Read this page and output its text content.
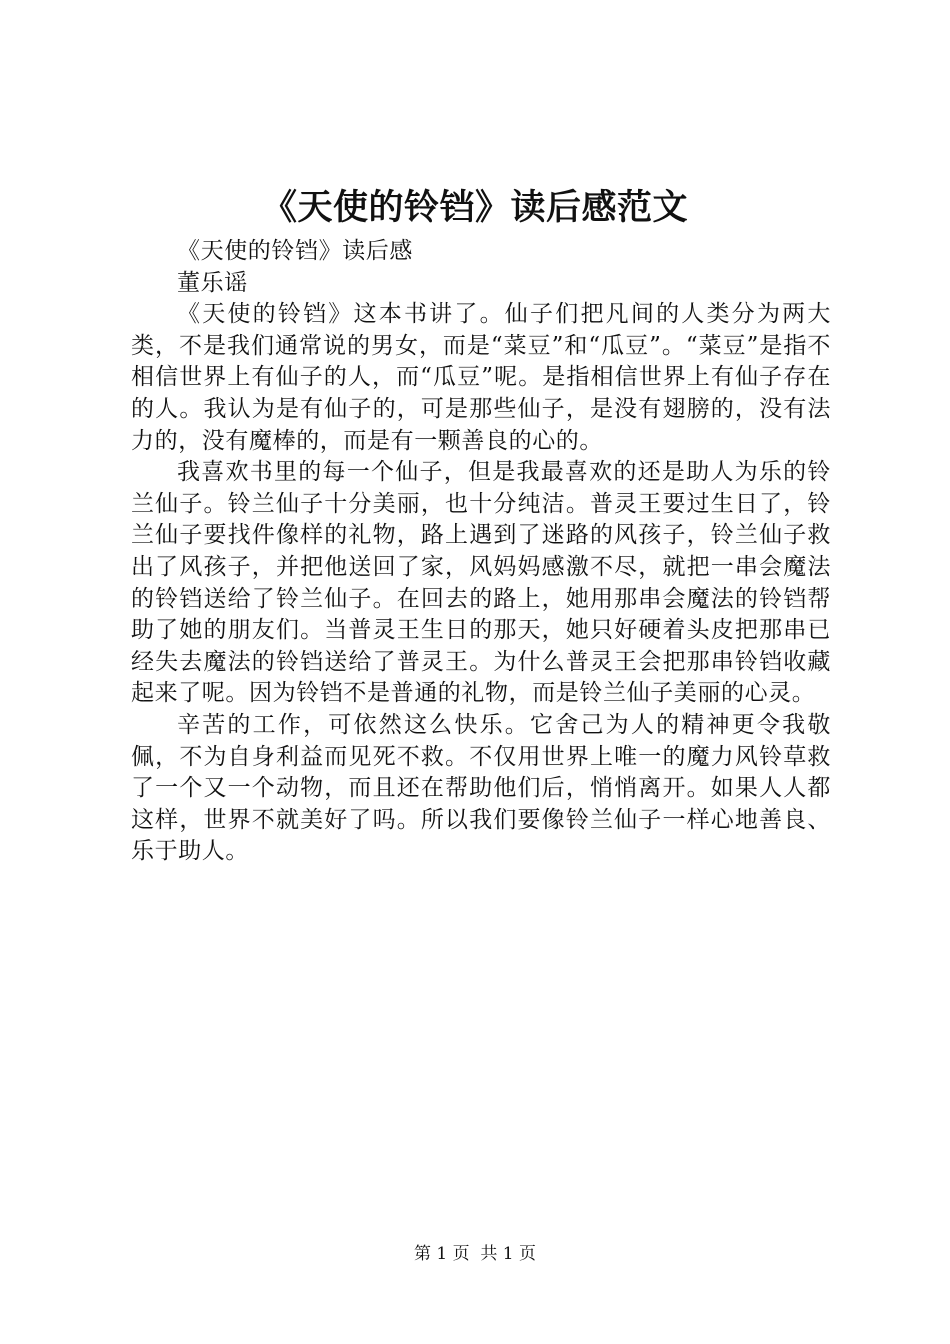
《天使的铃铛》读后感范文

《天使的铃铛》读后感

董乐谣

《天使的铃铛》这本书讲了。仙子们把凡间的人类分为两大类，不是我们通常说的男女，而是“菜豆”和“瓜豆”。“菜豆”是指不相信世界上有仙子的人，而“瓜豆”呢。是指相信世界上有仙子存在的人。我认为是有仙子的，可是那些仙子，是没有翅膀的，没有法力的，没有魔棒的，而是有一颗善良的心的。

我喜欢书里的每一个仙子，但是我最喜欢的还是助人为乐的铃兰仙子。铃兰仙子十分美丽，也十分纯洁。普灵王要过生日了，铃兰仙子要找件像样的礼物，路上遇到了迷路的风孩子，铃兰仙子救出了风孩子，并把他送回了家，风妈妈感激不尽，就把一串会魔法的铃铛送给了铃兰仙子。在回去的路上，她用那串会魔法的铃铛帮助了她的朋友们。当普灵王生日的那天，她只好硬着头皮把那串已经失去魔法的铃铛送给了普灵王。为什么普灵王会把那串铃铛收藏起来了呢。因为铃铛不是普通的礼物，而是铃兰仙子美丽的心灵。

辛苦的工作，可依然这么快乐。它舍己为人的精神更令我敬佩，不为自身利益而见死不救。不仅用世界上唯一的魔力风铃草救了一个又一个动物，而且还在帮助他们后，悄悄离开。如果人人都这样，世界不就美好了吗。所以我们要像铃兰仙子一样心地善良、乐于助人。

第 1 页  共 1 页
